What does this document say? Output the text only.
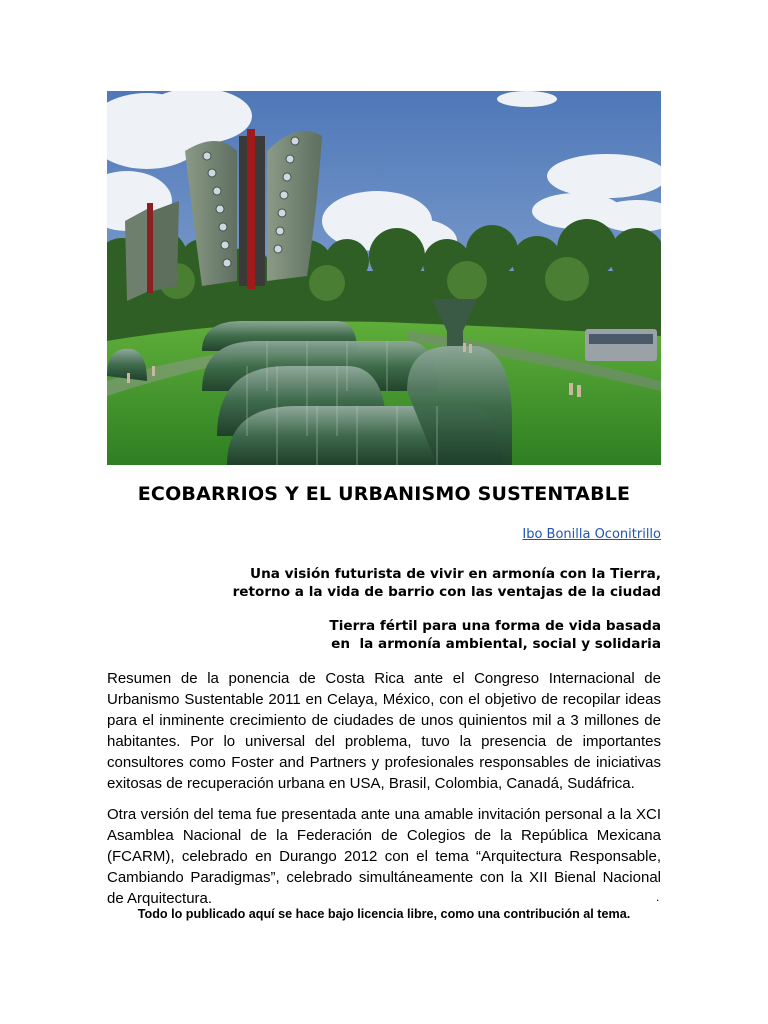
ECOBARRIOS Y EL URBANISMO SUSTENTABLE
Ibo Bonilla Oconitrillo
Una visión futurista de vivir en armonía con la Tierra,
retorno a la vida de barrio con las ventajas de la ciudad
Tierra fértil para una forma de vida basada
en  la armonía ambiental, social y solidaria

Resumen de la ponencia de Costa Rica ante el Congreso Internacional de Urbanismo Sustentable 2011 en Celaya, México, con el objetivo de recopilar ideas para el inminente crecimiento de ciudades de unos quinientos mil a 3 millones de habitantes. Por lo universal del problema, tuvo la presencia de importantes consultores como Foster and Partners y profesionales responsables de iniciativas exitosas de recuperación urbana en USA, Brasil, Colombia, Canadá, Sudáfrica.

Otra versión del tema fue presentada ante una amable invitación personal a la XCI Asamblea Nacional de la Federación de Colegios de la República Mexicana (FCARM), celebrado en Durango 2012 con el tema “Arquitectura Responsable, Cambiando Paradigmas”, celebrado simultáneamente con la XII Bienal Nacional de Arquitectura.	.
Todo lo publicado aquí se hace bajo licencia libre, como una contribución al tema.
